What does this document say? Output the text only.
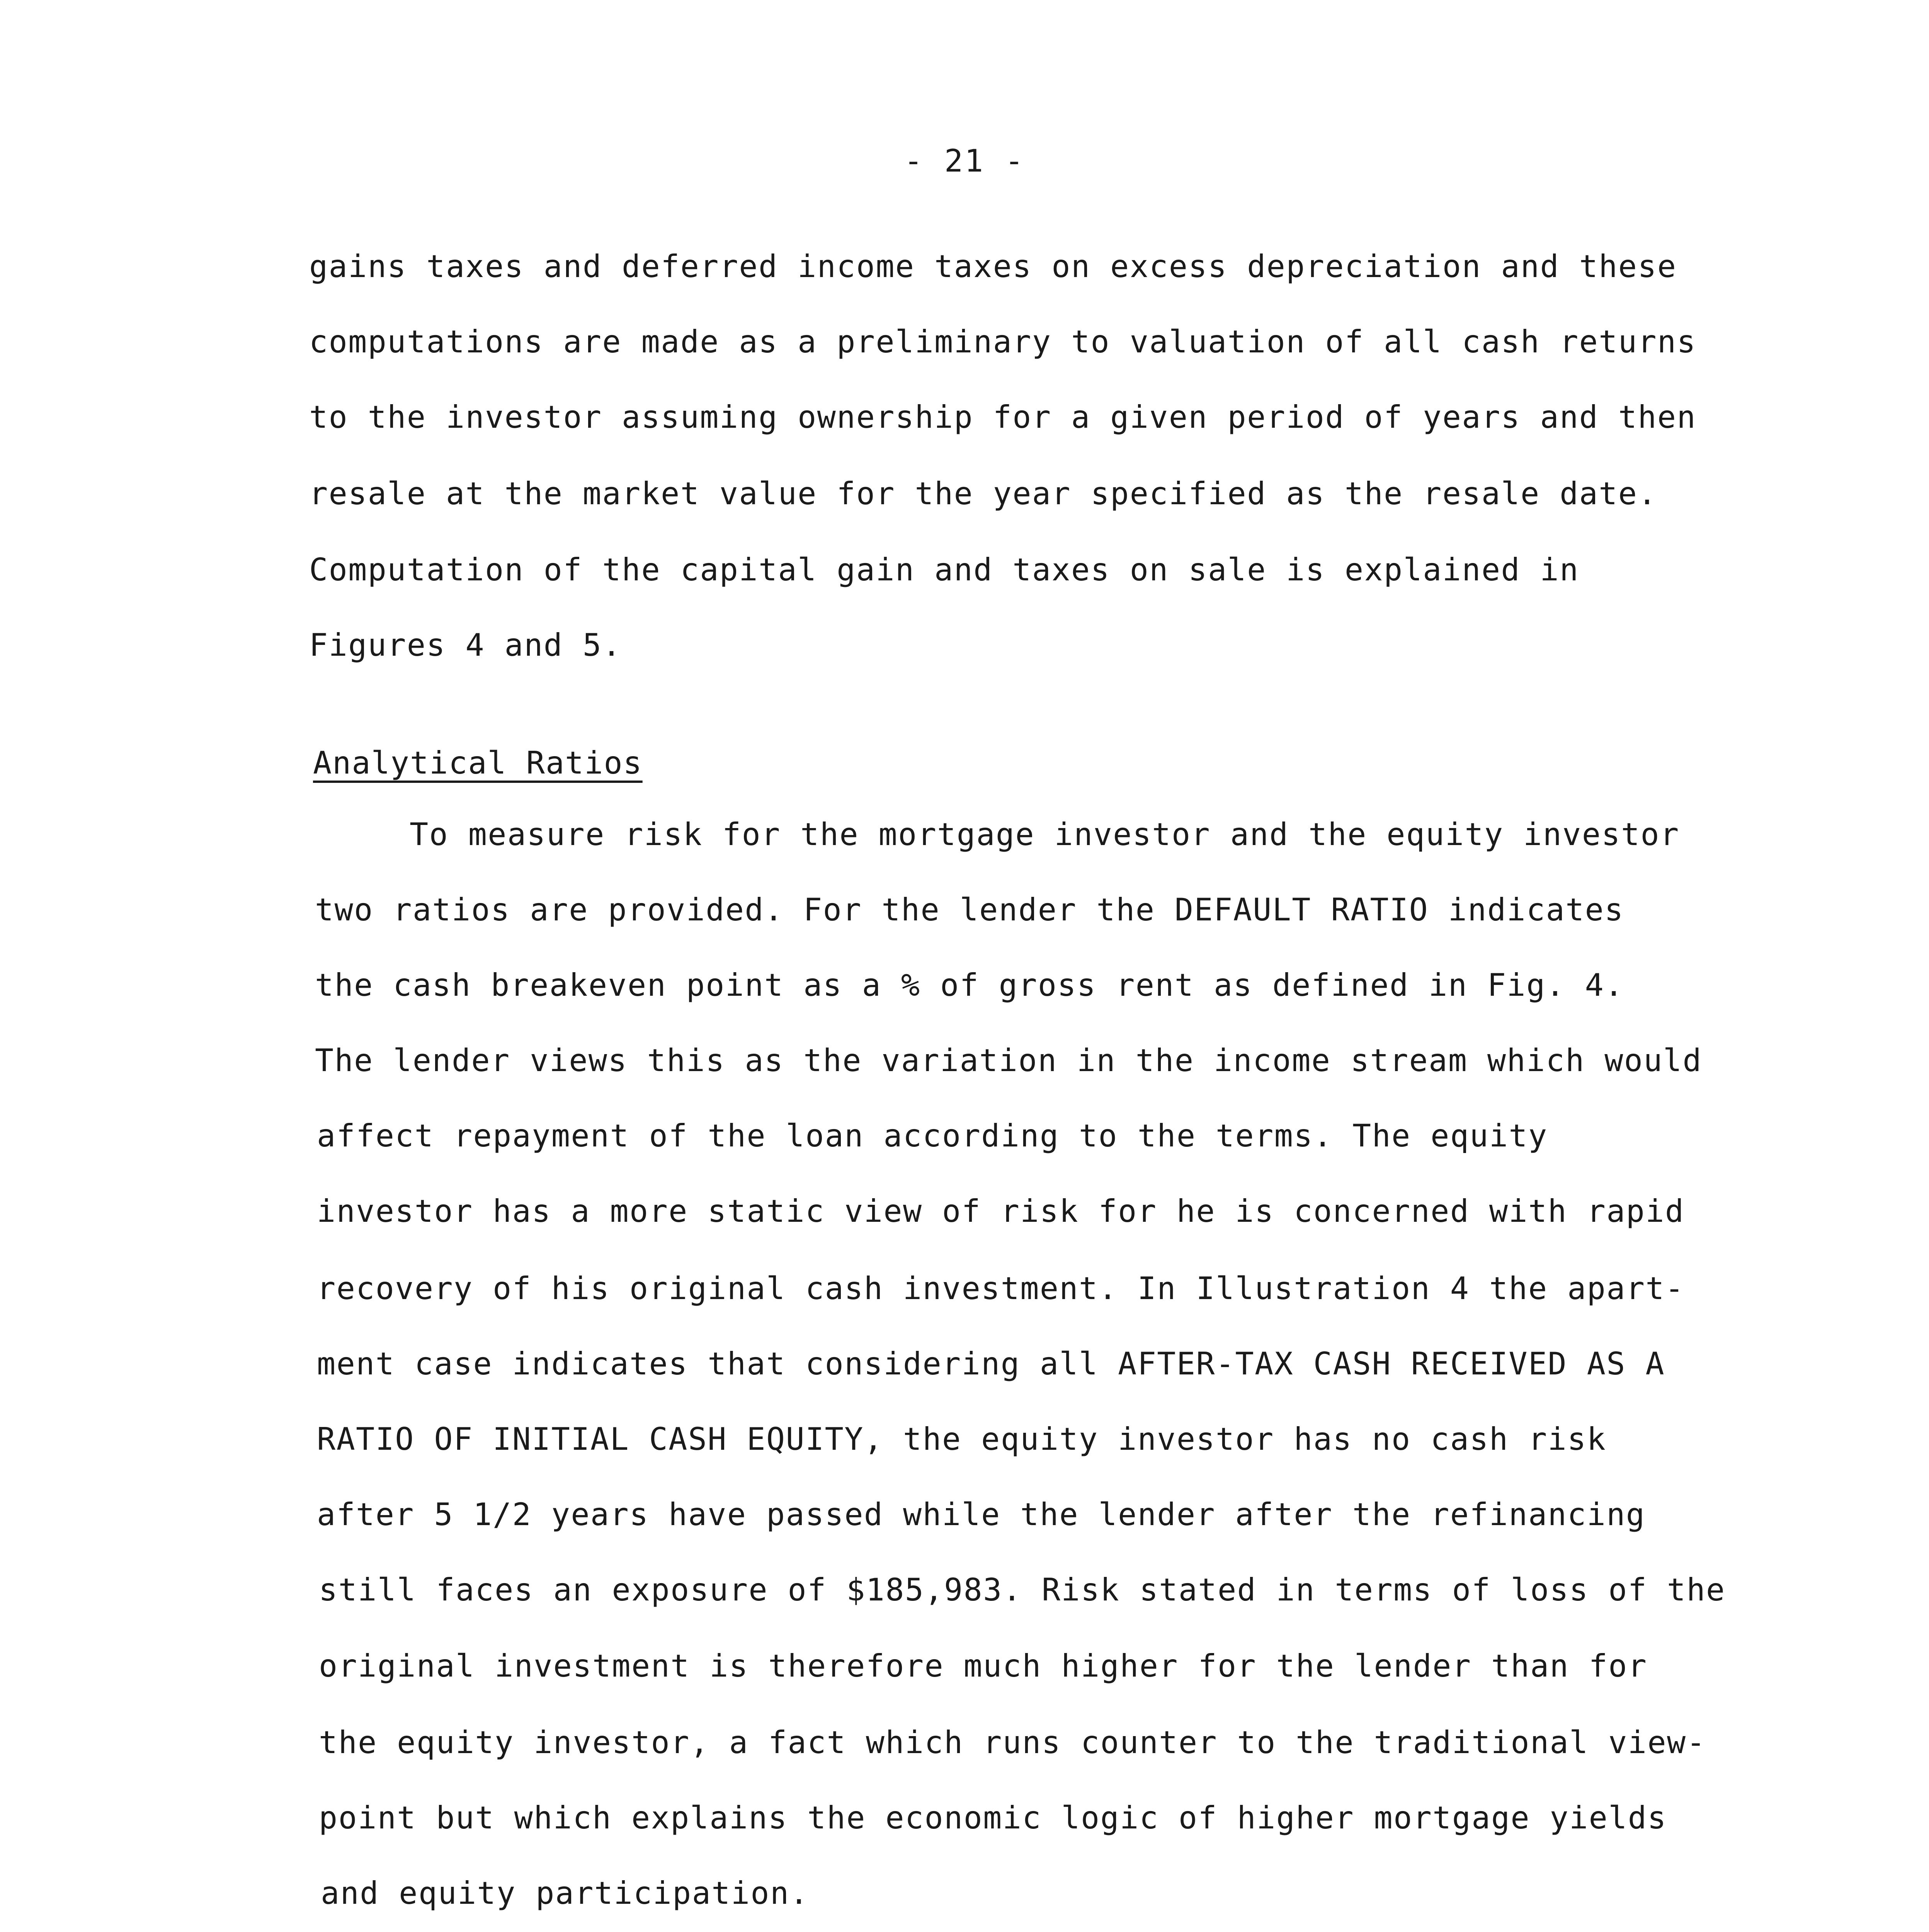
- 21 -
gains taxes and deferred income taxes on excess depreciation and these
computations are made as a preliminary to valuation of all cash returns
to the investor assuming ownership for a given period of years and then
resale at the market value for the year specified as the resale date.
Computation of the capital gain and taxes on sale is explained in
Figures 4 and 5.
Analytical Ratios
To measure risk for the mortgage investor and the equity investor
two ratios are provided. For the lender the DEFAULT RATIO indicates
the cash breakeven point as a % of gross rent as defined in Fig. 4.
The lender views this as the variation in the income stream which would
affect repayment of the loan according to the terms. The equity
investor has a more static view of risk for he is concerned with rapid
recovery of his original cash investment. In Illustration 4 the apart-
ment case indicates that considering all AFTER-TAX CASH RECEIVED AS A
RATIO OF INITIAL CASH EQUITY, the equity investor has no cash risk
after 5 1/2 years have passed while the lender after the refinancing
still faces an exposure of $185,983. Risk stated in terms of loss of the
original investment is therefore much higher for the lender than for
the equity investor, a fact which runs counter to the traditional view-
point but which explains the economic logic of higher mortgage yields
and equity participation.
